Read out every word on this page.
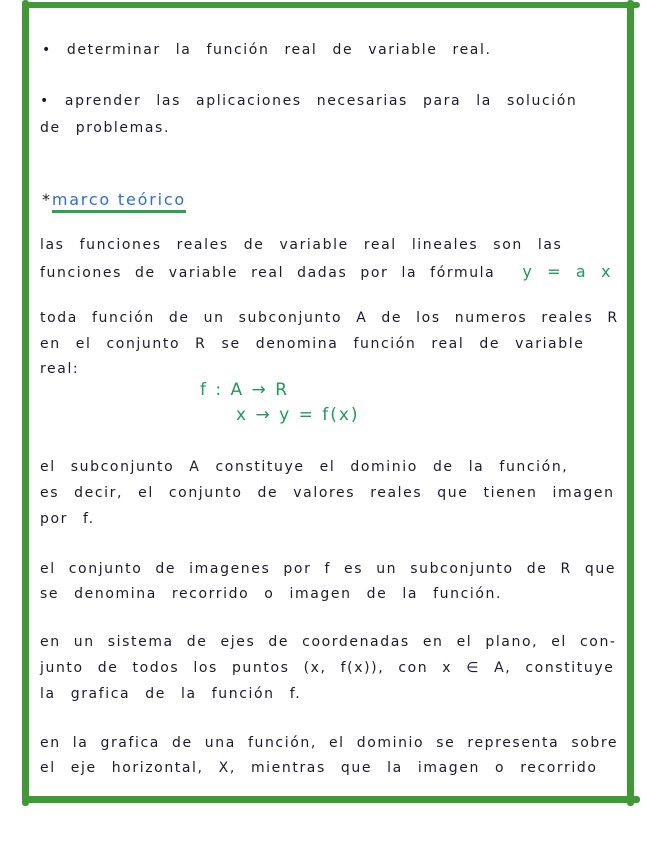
• determinar la función real de variable real.
• aprender las aplicaciones necesarias para la solución
de problemas.
*marco teórico
las funciones reales de variable real lineales son las
funciones de variable real dadas por la fórmula y = a x
toda función de un subconjunto A de los numeros reales R
en el conjunto R se denomina función real de variable
real:
f : A → R
x → y = f(x)
el subconjunto A constituye el dominio de la función,
es decir, el conjunto de valores reales que tienen imagen
por f.
el conjunto de imagenes por f es un subconjunto de R que
se denomina recorrido o imagen de la función.
en un sistema de ejes de coordenadas en el plano, el con-
junto de todos los puntos (x, f(x)), con x ∈ A, constituye
la grafica de la función f.
en la grafica de una función, el dominio se representa sobre
el eje horizontal, X, mientras que la imagen o recorrido
